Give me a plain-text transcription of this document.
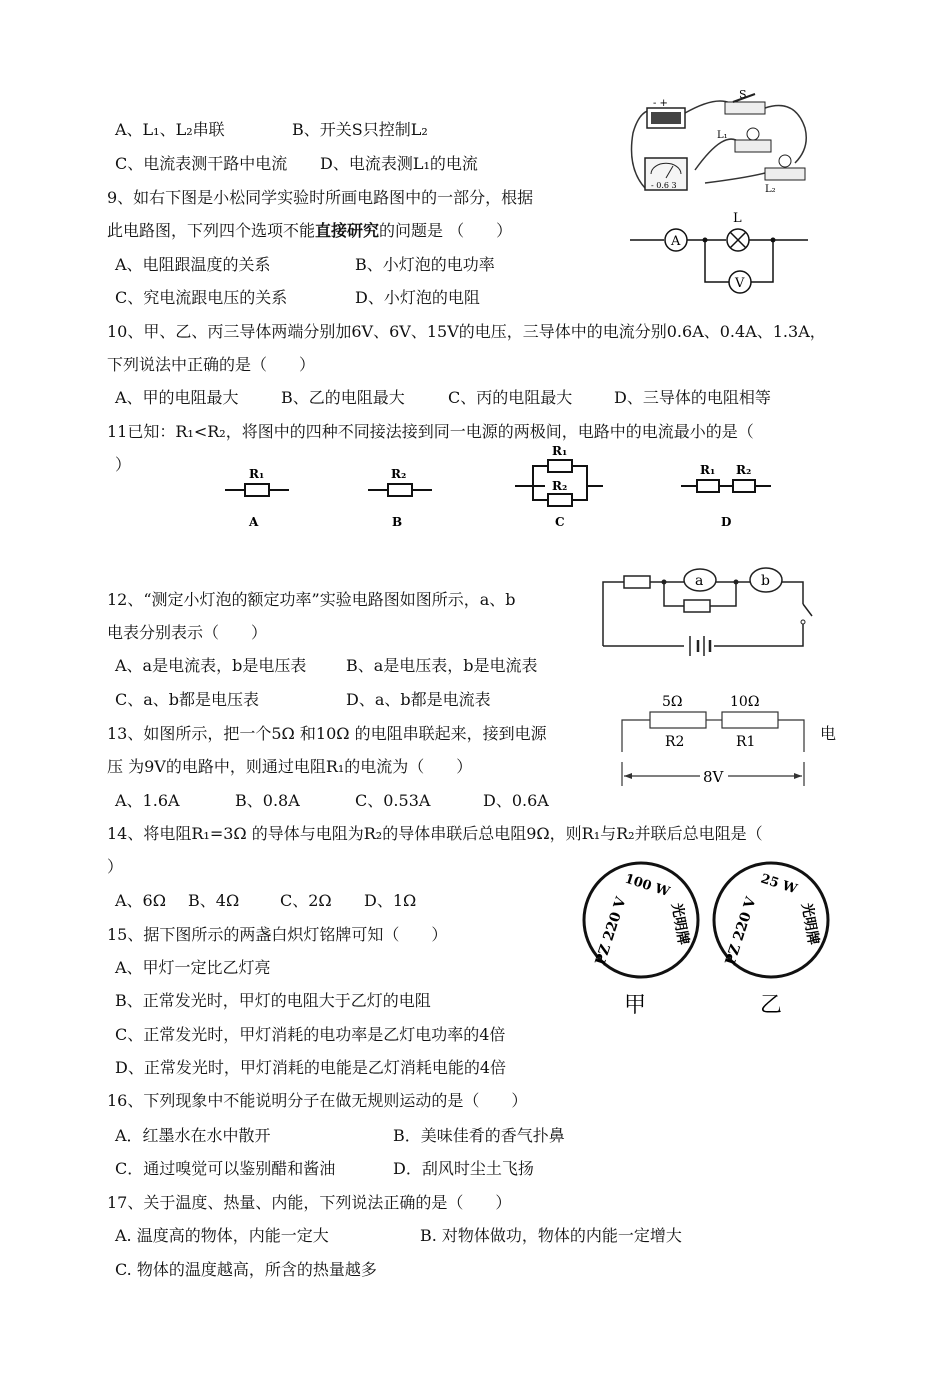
A、L₁、L₂串联	B、开关S只控制L₂
C、电流表测干路中电流 D、电流表测L₁的电流
- +
S
L₁
- 0.6 3	L₂
9、如右下图是小松同学实验时所画电路图中的一部分，根据
此电路图，下列四个选项不能直接研究的问题是 （　　）
A、电阻跟温度的关系	B、小灯泡的电功率
C、究电流跟电压的关系	D、小灯泡的电阻
A
L
V
10、甲、乙、丙三导体两端分别加6V、6V、15V的电压，三导体中的电流分别0.6A、0.4A、1.3A，
下列说法中正确的是（　　）
A、甲的电阻最大	B、乙的电阻最大	C、丙的电阻最大	D、三导体的电阻相等
11已知：R₁<R₂，将图中的四种不同接法接到同一电源的两极间，电路中的电流最小的是（
）	R₁
A
R₂
B
R₁
R₂
C
R₁ R₂
D
12、“测定小灯泡的额定功率”实验电路图如图所示，a、b
电表分别表示（　　）
A、a是电流表，b是电压表 B、a是电压表，b是电流表
C、a、b都是电压表	D、a、b都是电流表
a	b
13、如图所示，把一个5Ω 和10Ω 的电阻串联起来，接到电源	电
压 为9V的电路中，则通过电阻R₁的电流为（　　）
A、1.6A	B、0.8A	C、0.53A	D、0.6A
5Ω	10Ω
R2	R1
8V
14、将电阻R₁=3Ω 的导体与电阻为R₂的导体串联后总电阻9Ω，则R₁与R₂并联后总电阻是（
）
A、6Ω B、4Ω	C、2Ω D、1Ω
15、据下图所示的两盏白炽灯铭牌可知（　　）
A、甲灯一定比乙灯亮
B、正常发光时，甲灯的电阻大于乙灯的电阻
C、正常发光时，甲灯消耗的电功率是乙灯电功率的4倍
D、正常发光时，甲灯消耗的电能是乙灯消耗电能的4倍
PZ 220 V
100 W
光明牌
甲
PZ 220 V
25 W
光明牌
乙
16、下列现象中不能说明分子在做无规则运动的是（　　）
A．红墨水在水中散开	B．美味佳肴的香气扑鼻
C．通过嗅觉可以鉴别醋和酱油	D．刮风时尘土飞扬
17、关于温度、热量、内能，下列说法正确的是（　　）
A. 温度高的物体，内能一定大	B. 对物体做功，物体的内能一定增大
C. 物体的温度越高，所含的热量越多
